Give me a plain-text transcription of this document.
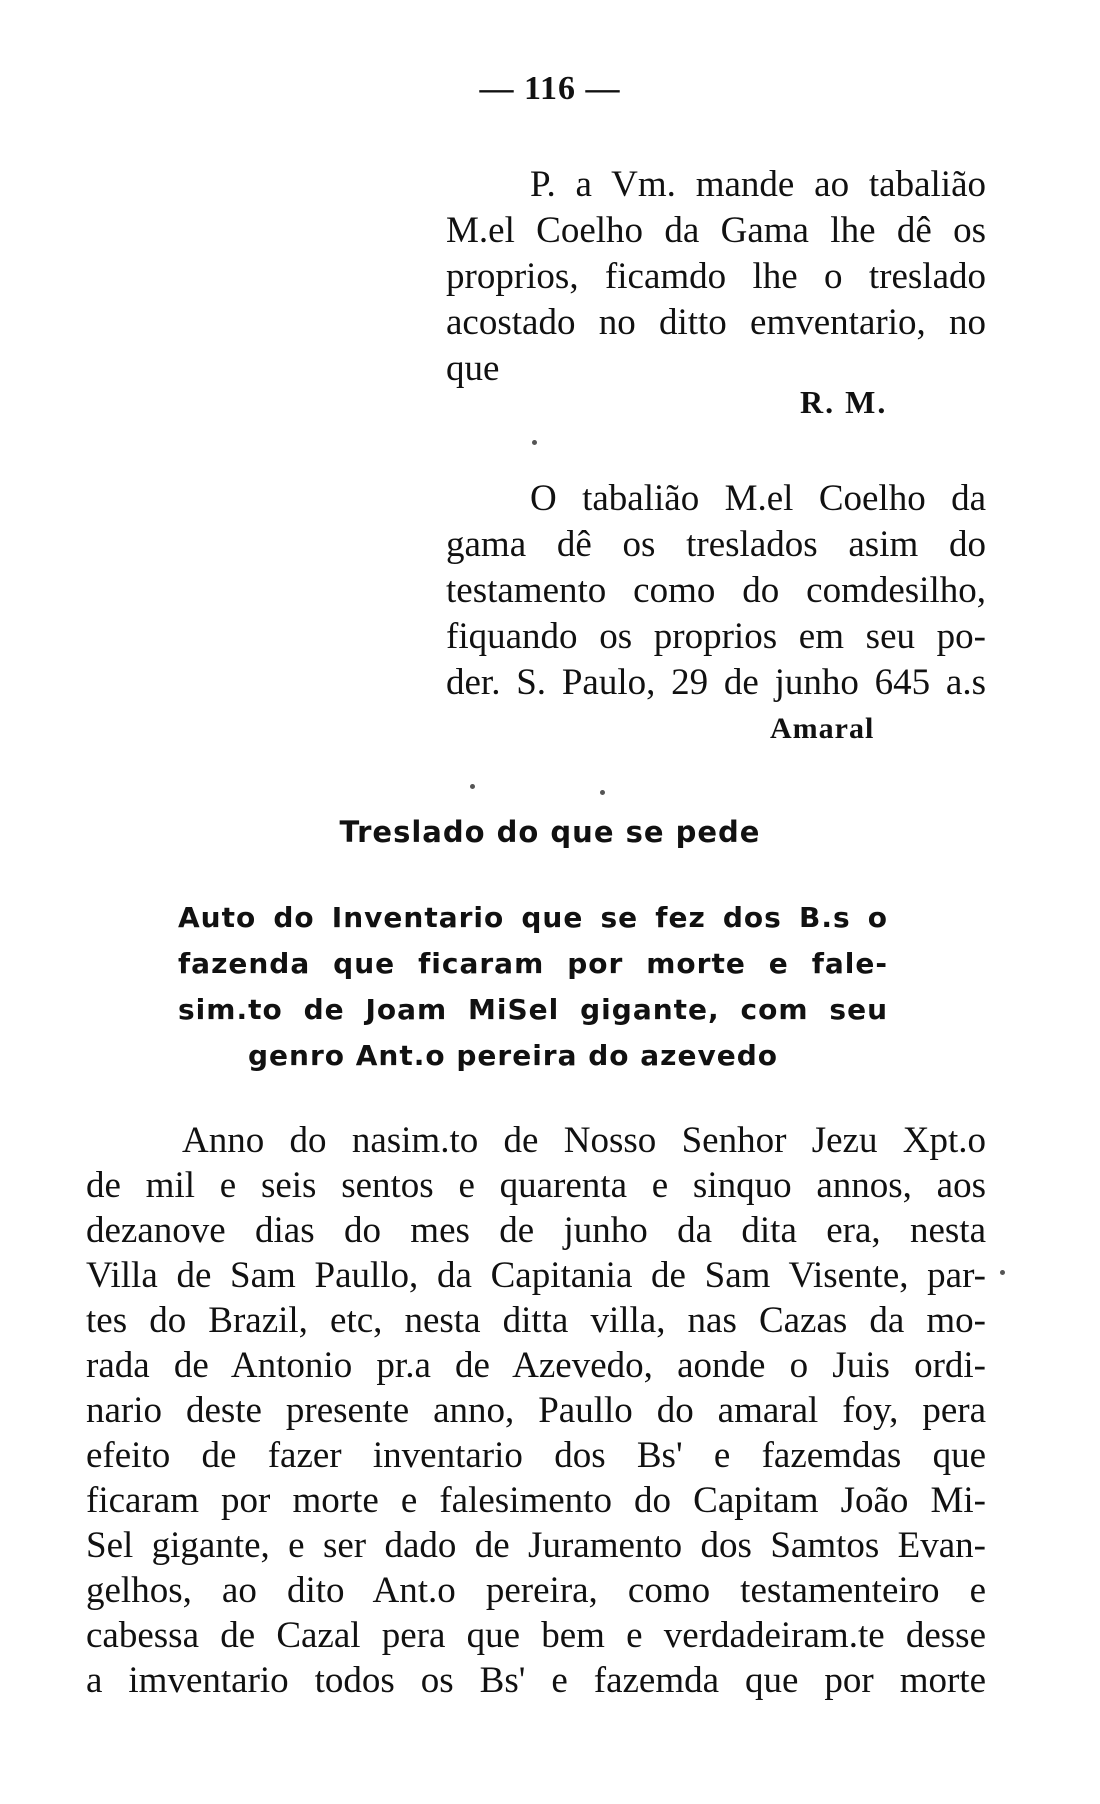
— 116 —

P. a Vm. mande ao tabalião

M.el Coelho da Gama lhe dê os

proprios, ficamdo lhe o treslado

acostado no ditto emventario, no

que

R. M.

O tabalião M.el Coelho da

gama dê os treslados asim do

testamento como do comdesilho,

fiquando os proprios em seu po-

der. S. Paulo, 29 de junho 645 a.s

Amaral
Treslado do que se pede
Auto do Inventario que se fez dos B.s o
fazenda que ficaram por morte e fale-
sim.to de Joam MiSel gigante, com seu
genro Ant.o pereira do azevedo
Anno do nasim.to de Nosso Senhor Jezu Xpt.o
de mil e seis sentos e quarenta e sinquo annos, aos
dezanove dias do mes de junho da dita era, nesta
Villa de Sam Paullo, da Capitania de Sam Visente, par-
tes do Brazil, etc, nesta ditta villa, nas Cazas da mo-
rada de Antonio pr.a de Azevedo, aonde o Juis ordi-
nario deste presente anno, Paullo do amaral foy, pera
efeito de fazer inventario dos Bs' e fazemdas que
ficaram por morte e falesimento do Capitam João Mi-
Sel gigante, e ser dado de Juramento dos Samtos Evan-
gelhos, ao dito Ant.o pereira, como testamenteiro e
cabessa de Cazal pera que bem e verdadeiram.te desse
a imventario todos os Bs' e fazemda que por morte
